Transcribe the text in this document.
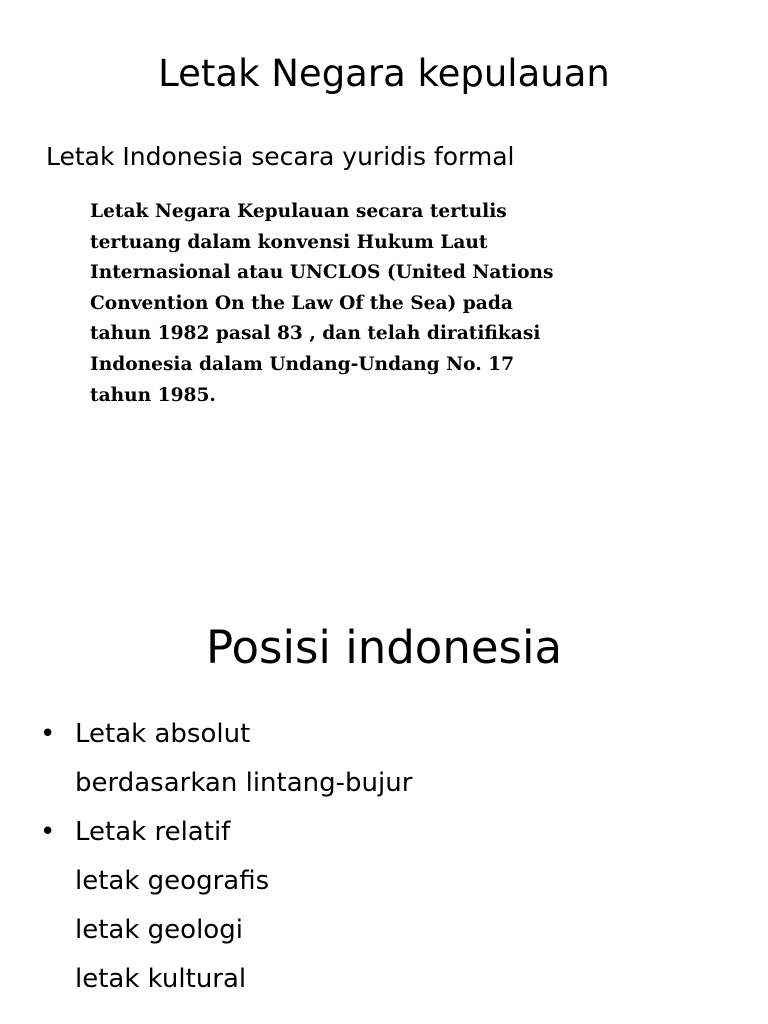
Letak Negara kepulauan

Letak Indonesia secara yuridis formal

Letak Negara Kepulauan secara tertulis
tertuang dalam konvensi Hukum Laut
Internasional atau UNCLOS (United Nations
Convention On the Law Of the Sea) pada
tahun 1982 pasal 83 , dan telah diratifikasi
Indonesia dalam Undang-Undang No. 17
tahun 1985.

Posisi indonesia
• Letak absolut
berdasarkan lintang-bujur
• Letak relatif
letak geografis
letak geologi
letak kultural
